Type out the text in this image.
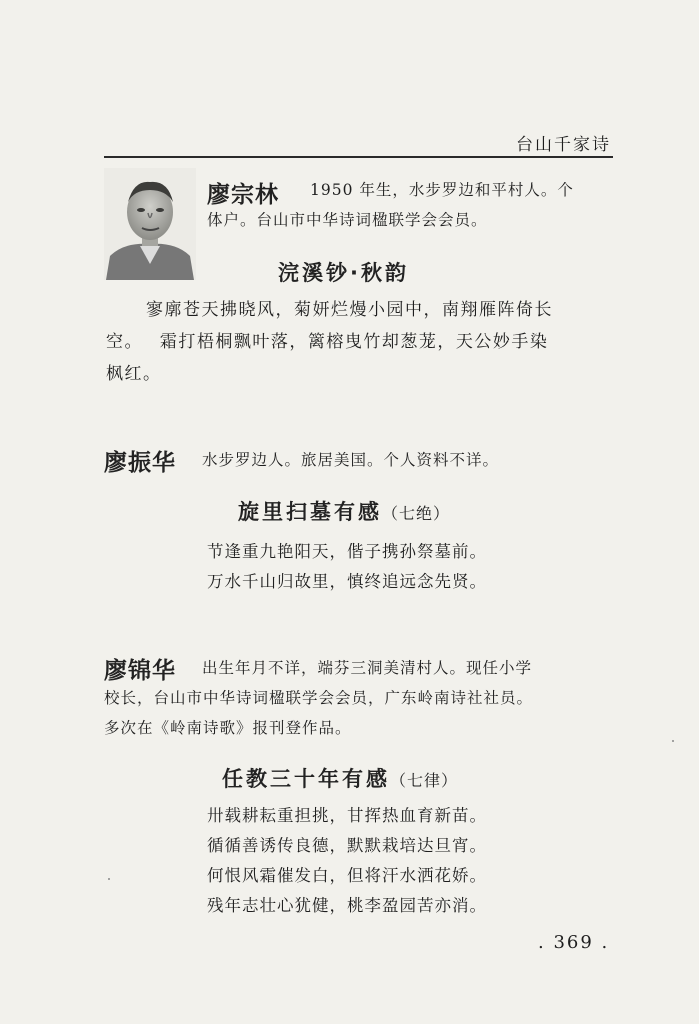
台山千家诗
廖宗林 1950 年生，水步罗边和平村人。个
体户。台山市中华诗词楹联学会会员。
浣溪钞·秋韵
寥廓苍天拂晓风，菊妍烂熳小园中，南翔雁阵倚长
空。　 霜打梧桐飘叶落，篱榕曳竹却葱茏，天公妙手染
枫红。
廖振华 水步罗边人。旅居美国。个人资料不详。
旋里扫墓有感（七绝）
节逢重九艳阳天，偕子携孙祭墓前。
万水千山归故里，慎终追远念先贤。
廖锦华 出生年月不详，端芬三洞美清村人。现任小学
校长，台山市中华诗词楹联学会会员，广东岭南诗社社员。
多次在《岭南诗歌》报刊登作品。
任教三十年有感（七律）
卅载耕耘重担挑，甘挥热血育新苗。
循循善诱传良德，默默栽培达旦宵。
何恨风霜催发白，但将汗水洒花娇。
残年志壮心犹健，桃李盈园苦亦消。
. 369 .
